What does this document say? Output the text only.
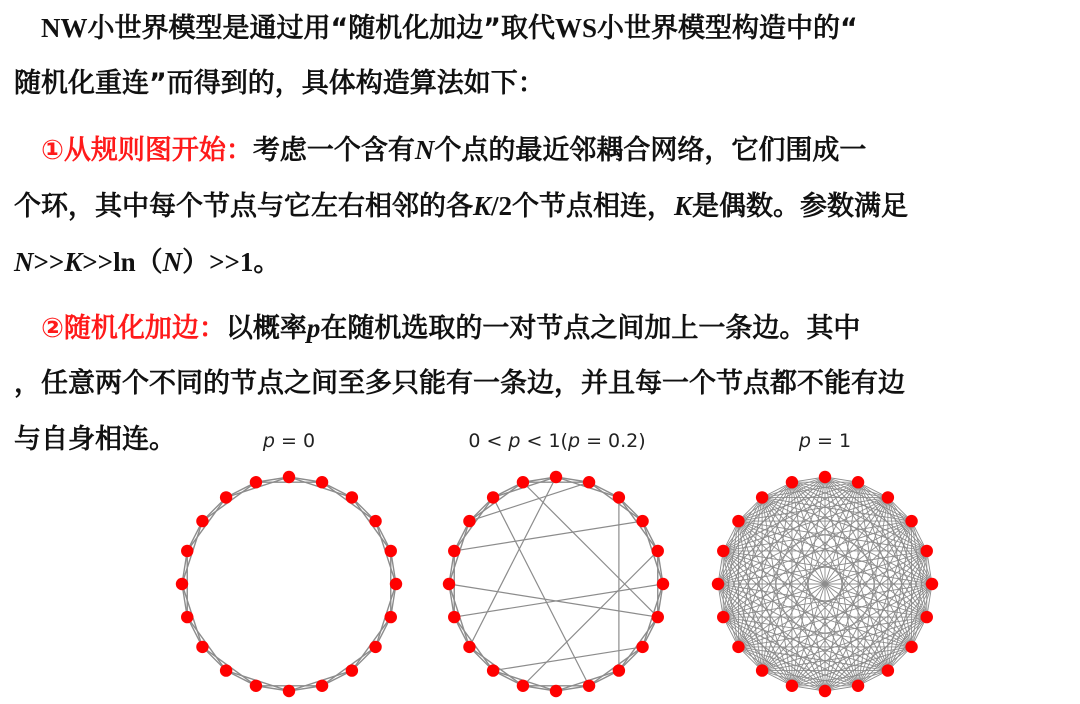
 NW小世界模型是通过用“随机化加边”取代WS小世界模型构造中的“

随机化重连”而得到的，具体构造算法如下：

 ①从规则图开始：考虑一个含有N个点的最近邻耦合网络，它们围成一

个环，其中每个节点与它左右相邻的各K/2个节点相连，K是偶数。参数满足

N>>K>>ln（N）>>1。

 ②随机化加边：以概率p在随机选取的一对节点之间加上一条边。其中

，任意两个不同的节点之间至多只能有一条边，并且每一个节点都不能有边

与自身相连。	p = 0	0 < p < 1(p = 0.2)	p = 1
